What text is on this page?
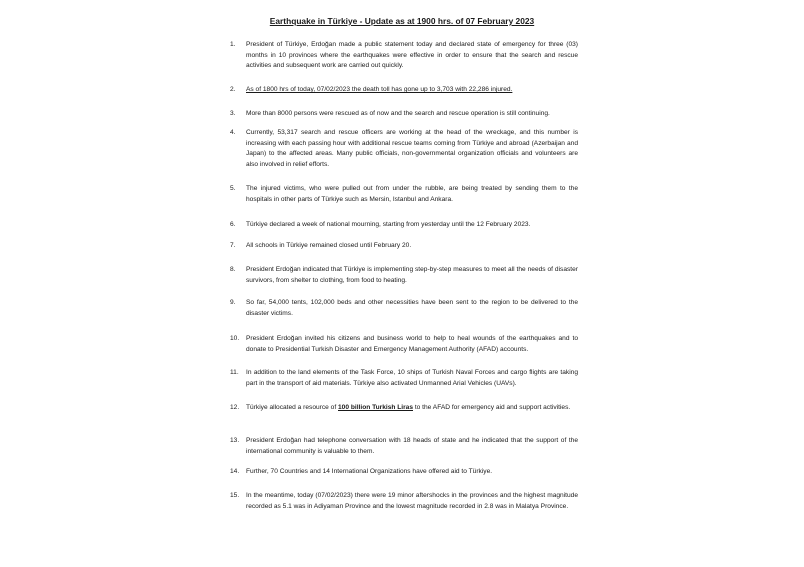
Earthquake in Türkiye - Update as at 1900 hrs. of 07 February 2023
1.	President of Türkiye, Erdoğan made a public statement today and declared state of emergency for three (03) months in 10 provinces where the earthquakes were effective in order to ensure that the search and rescue activities and subsequent work are carried out quickly.
2.	As of 1800 hrs of today, 07/02/2023 the death toll has gone up to 3,703 with 22,286 injured.
3.	More than 8000 persons were rescued as of now and the search and rescue operation is still continuing.
4.	Currently, 53,317 search and rescue officers are working at the head of the wreckage, and this number is increasing with each passing hour with additional rescue teams coming from Türkiye and abroad (Azerbaijan and Japan) to the affected areas. Many public officials, non-governmental organization officials and volunteers are also involved in relief efforts.
5.	The injured victims, who were pulled out from under the rubble, are being treated by sending them to the hospitals in other parts of Türkiye such as Mersin, Istanbul and Ankara.
6.	Türkiye declared a week of national mourning, starting from yesterday until the 12 February 2023.
7.	All schools in Türkiye remained closed until February 20.
8.	President Erdoğan indicated that Türkiye is implementing step-by-step measures to meet all the needs of disaster survivors, from shelter to clothing, from food to heating.
9.	So far, 54,000 tents, 102,000 beds and other necessities have been sent to the region to be delivered to the disaster victims.
10.	President Erdoğan invited his citizens and business world to help to heal wounds of the earthquakes and to donate to Presidential Turkish Disaster and Emergency Management Authority (AFAD) accounts.
11.	In addition to the land elements of the Task Force, 10 ships of Turkish Naval Forces and cargo flights are taking part in the transport of aid materials. Türkiye also activated Unmanned Arial Vehicles (UAVs).
12.	Türkiye allocated a resource of 100 billion Turkish Liras to the AFAD for emergency aid and support activities.
13.	President Erdoğan had telephone conversation with 18 heads of state and he indicated that the support of the international community is valuable to them.
14.	Further, 70 Countries and 14 International Organizations have offered aid to Türkiye.
15.	In the meantime, today (07/02/2023) there were 19 minor aftershocks in the provinces and the highest magnitude recorded as 5.1 was in Adiyaman Province and the lowest magnitude recorded in 2.8 was in Malatya Province.
